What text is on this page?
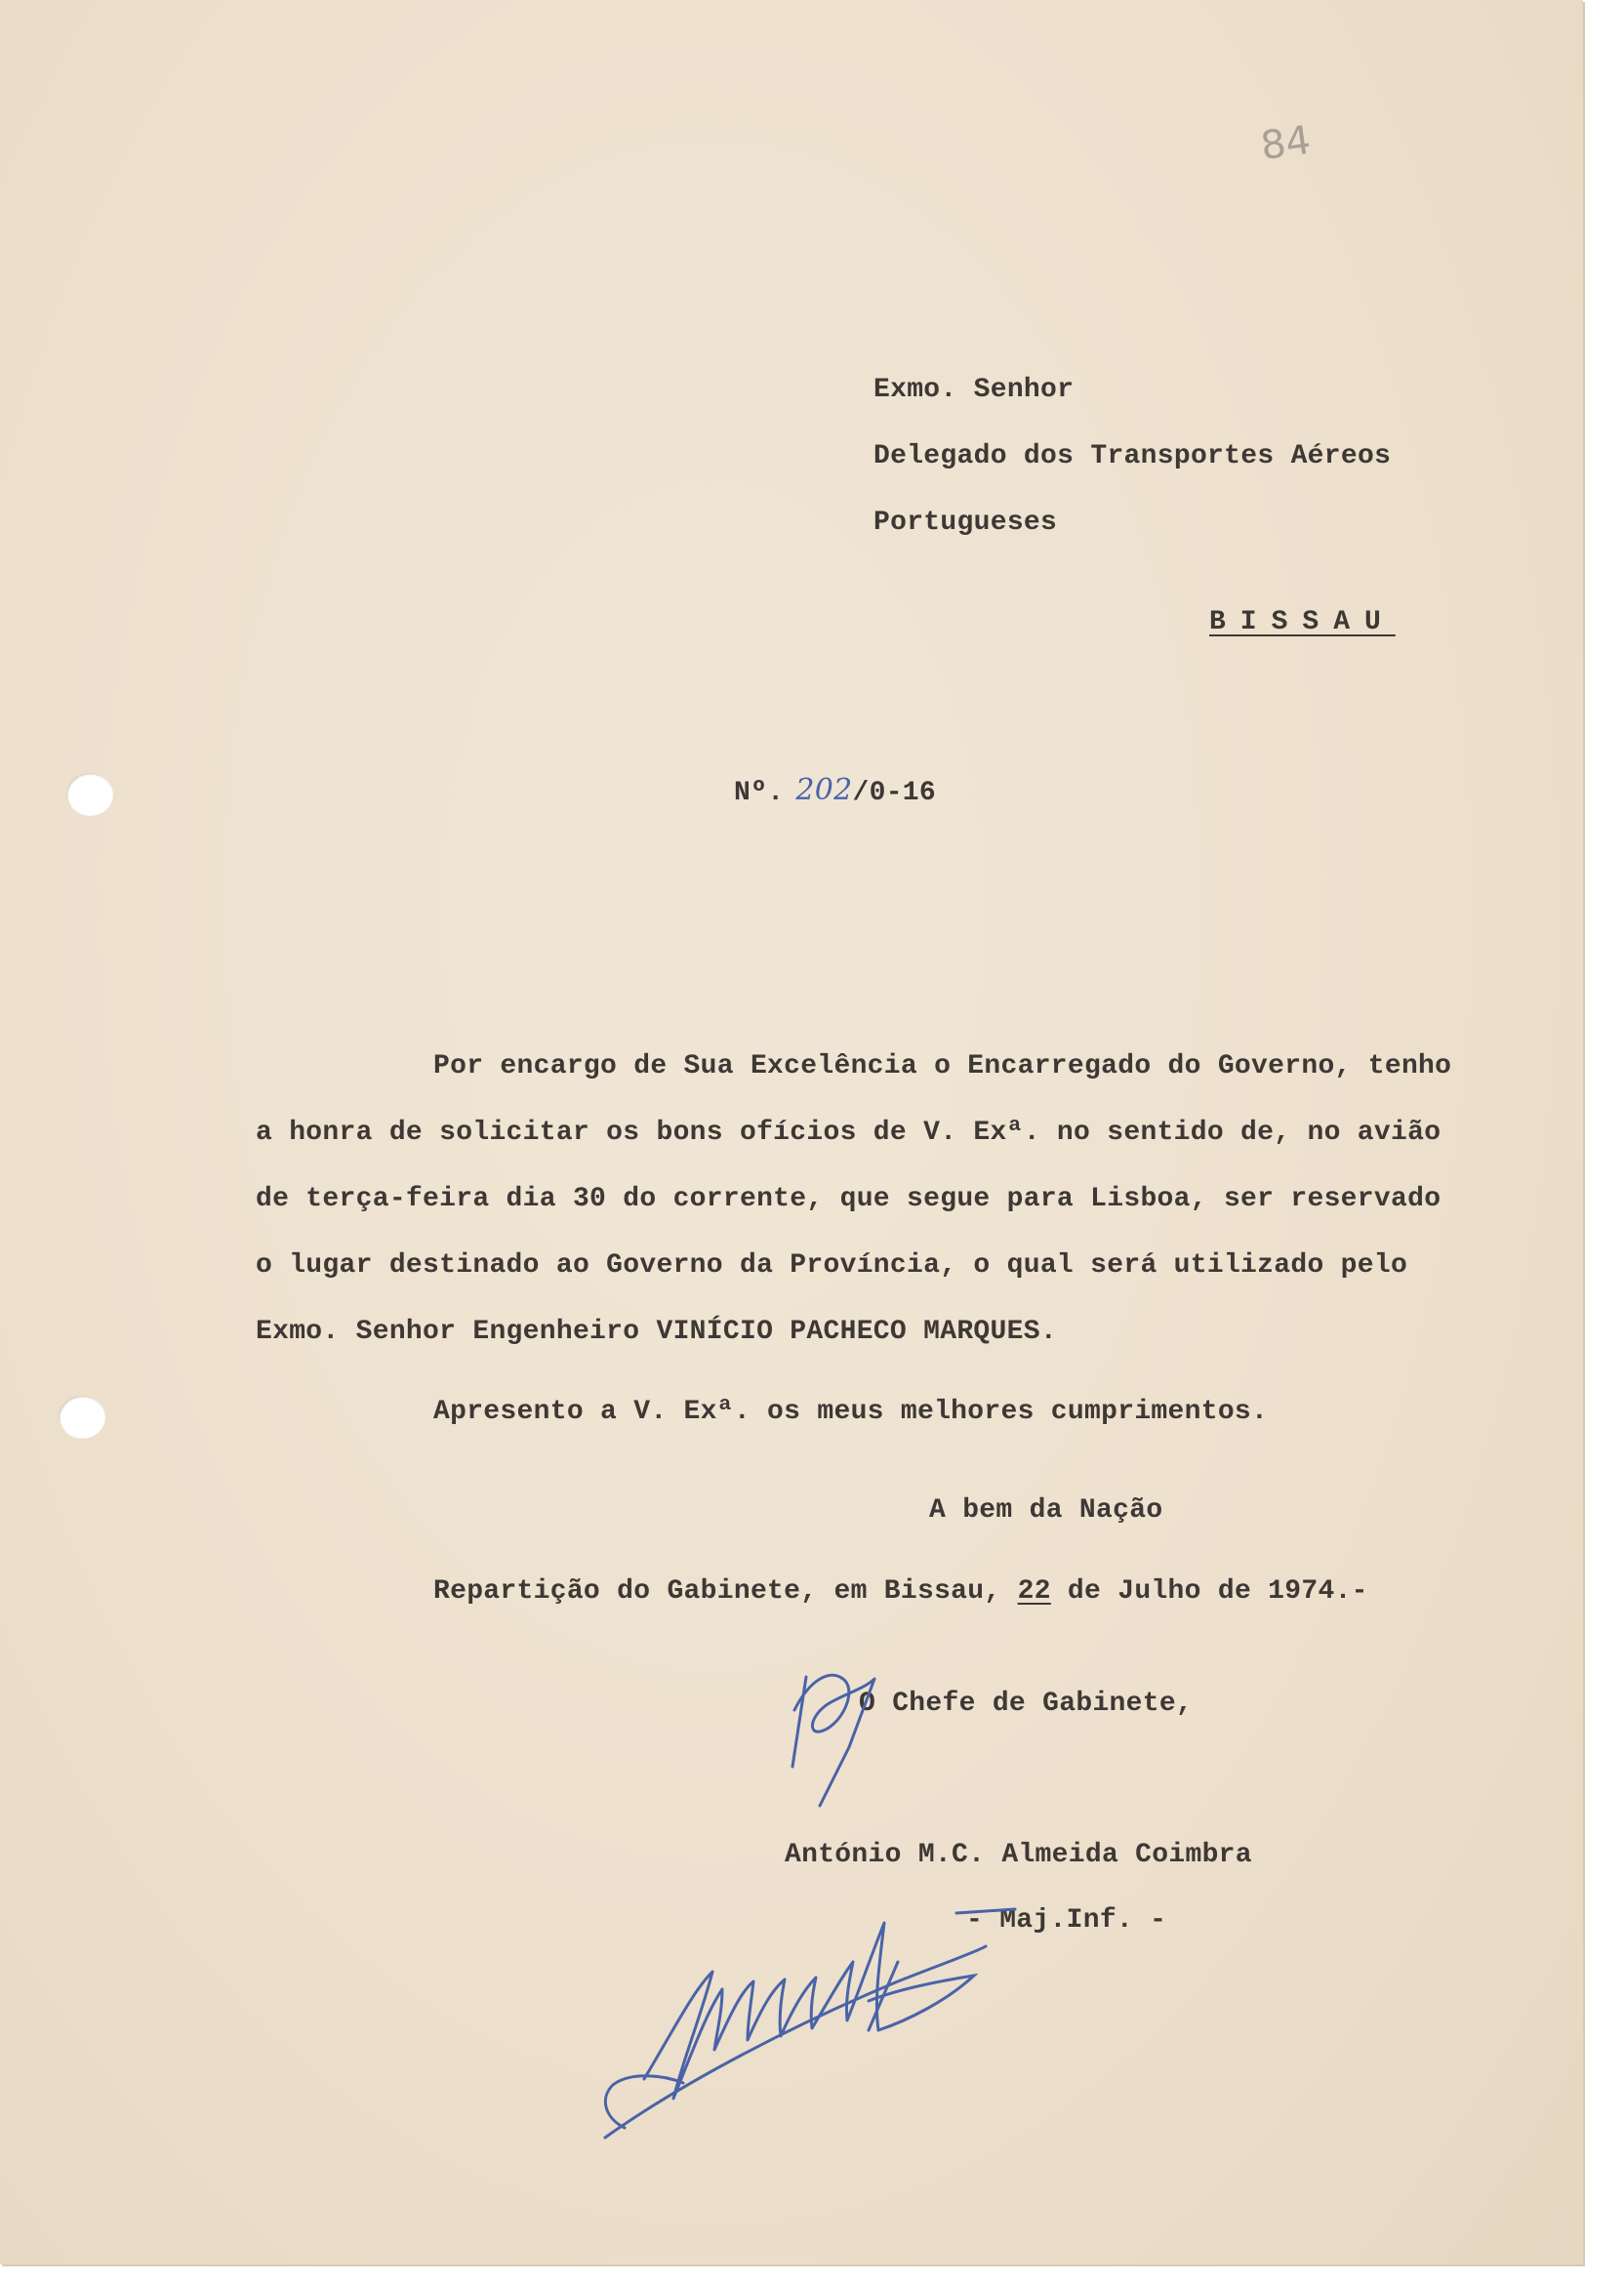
84
Exmo. Senhor
Delegado dos Transportes Aéreos
Portugueses
BISSAU
Nº. 202/0-16
Por encargo de Sua Excelência o Encarregado do Governo, tenho
a honra de solicitar os bons ofícios de V. Exª. no sentido de, no avião
de terça-feira dia 30 do corrente, que segue para Lisboa, ser reservado
o lugar destinado ao Governo da Província, o qual será utilizado pelo
Exmo. Senhor Engenheiro VINÍCIO PACHECO MARQUES.
Apresento a V. Exª. os meus melhores cumprimentos.
A bem da Nação
Repartição do Gabinete, em Bissau, 22 de Julho de 1974.-
O Chefe de Gabinete,
António M.C. Almeida Coimbra
- Maj.Inf. -
